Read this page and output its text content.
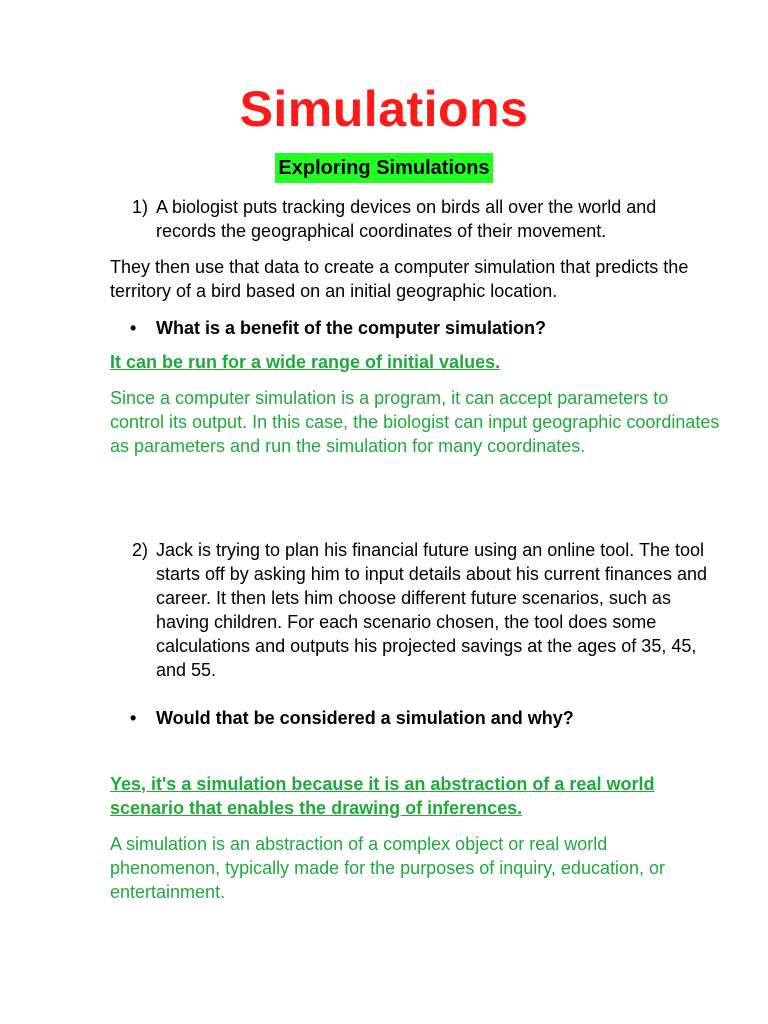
Simulations
Exploring Simulations
1) A biologist puts tracking devices on birds all over the world and records the geographical coordinates of their movement.
They then use that data to create a computer simulation that predicts the territory of a bird based on an initial geographic location.
• What is a benefit of the computer simulation?
It can be run for a wide range of initial values.
Since a computer simulation is a program, it can accept parameters to control its output. In this case, the biologist can input geographic coordinates as parameters and run the simulation for many coordinates.
2) Jack is trying to plan his financial future using an online tool. The tool starts off by asking him to input details about his current finances and career. It then lets him choose different future scenarios, such as having children. For each scenario chosen, the tool does some calculations and outputs his projected savings at the ages of 35, 45, and 55.
• Would that be considered a simulation and why?
Yes, it's a simulation because it is an abstraction of a real world scenario that enables the drawing of inferences.
A simulation is an abstraction of a complex object or real world phenomenon, typically made for the purposes of inquiry, education, or entertainment.
